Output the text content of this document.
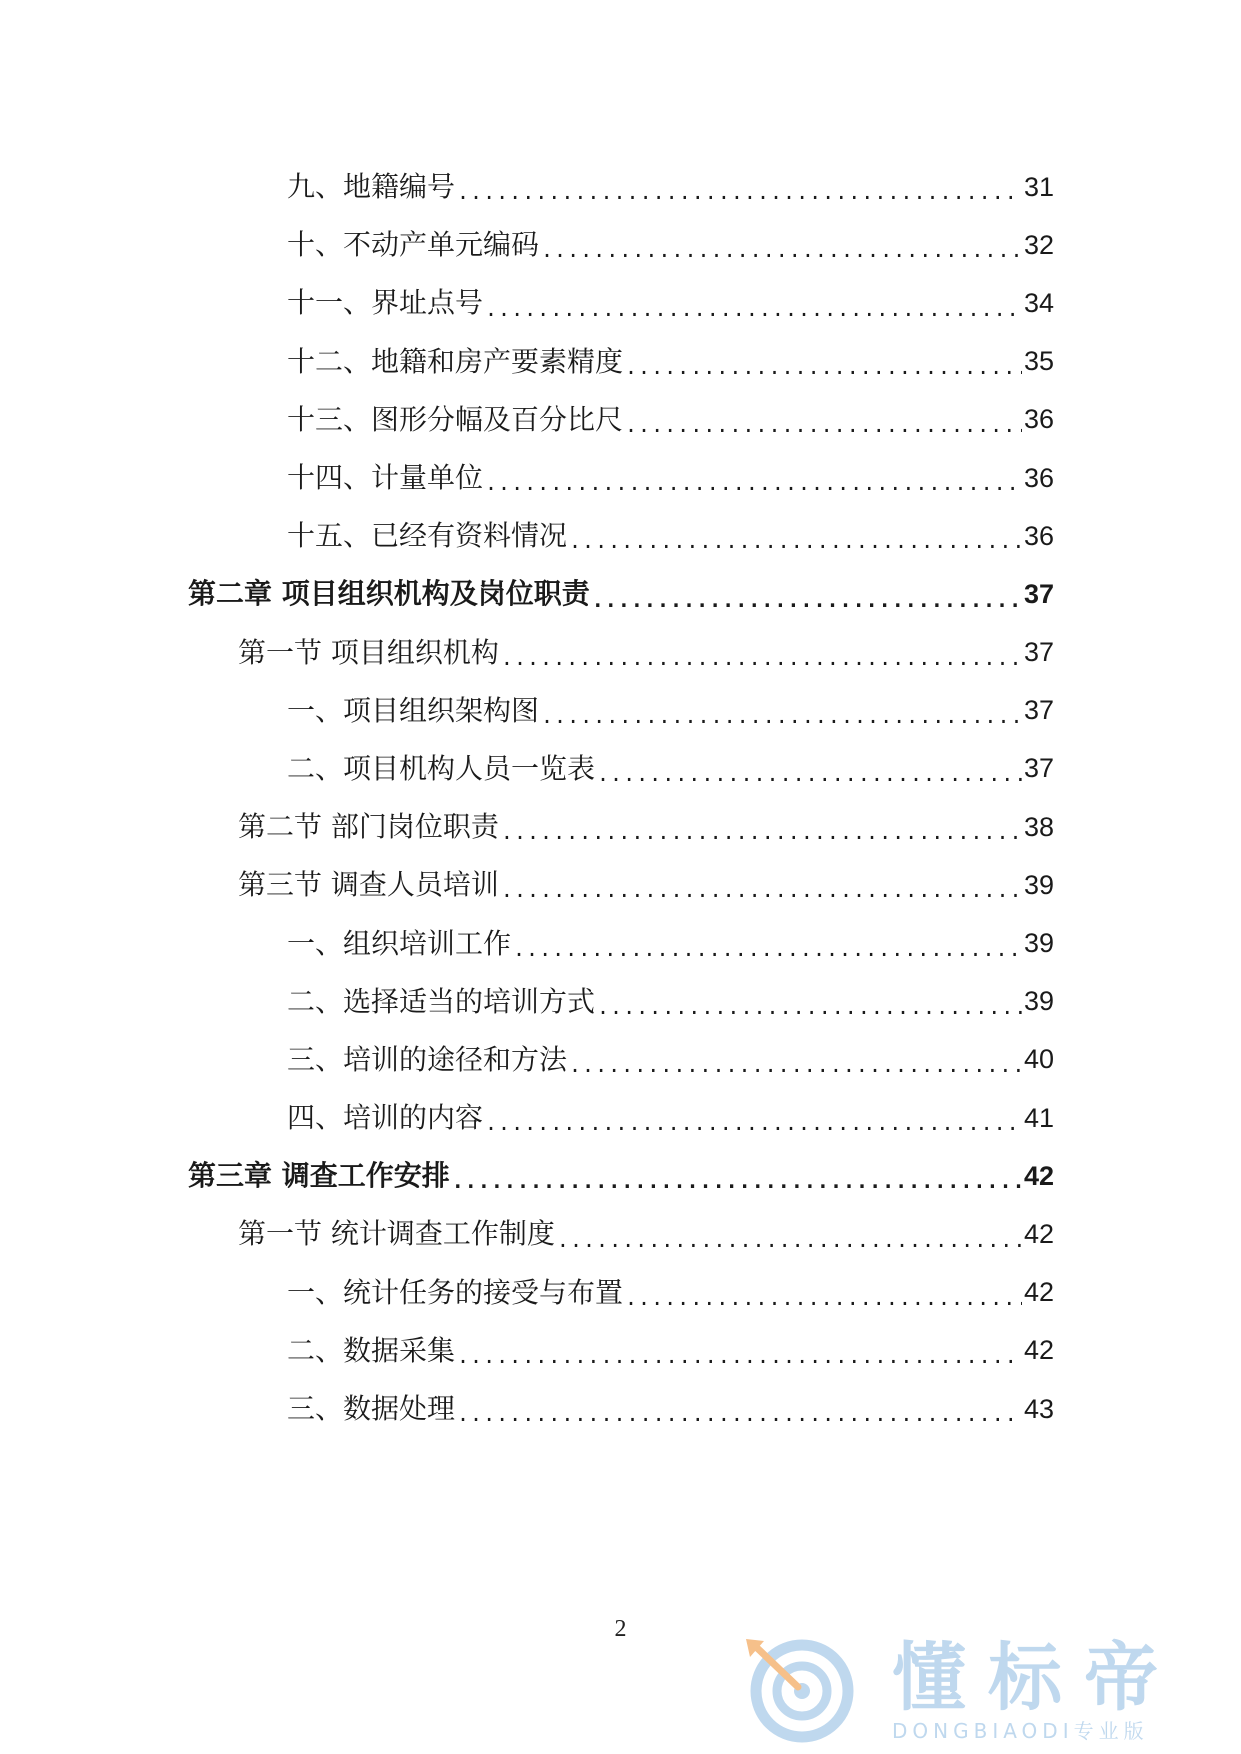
九、地籍编号 .....	31
十、不动产单元编码 .....	32
十一、界址点号 .....	34
十二、地籍和房产要素精度 .....	35
十三、图形分幅及百分比尺 .....	36
十四、计量单位 .....	36
十五、已经有资料情况 .....	36
第二章 项目组织机构及岗位职责 .....	37
第一节 项目组织机构 .....	37
一、项目组织架构图 .....	37
二、项目机构人员一览表 .....	37
第二节 部门岗位职责 .....	38
第三节 调查人员培训 .....	39
一、组织培训工作 .....	39
二、选择适当的培训方式 .....	39
三、培训的途径和方法 .....	40
四、培训的内容 .....	41
第三章 调查工作安排 .....	42
第一节 统计调查工作制度 .....	42
一、统计任务的接受与布置 .....	42
二、数据采集 .....	42
三、数据处理 .....	43
2
懂标帝
DONGBIAODI专业版
